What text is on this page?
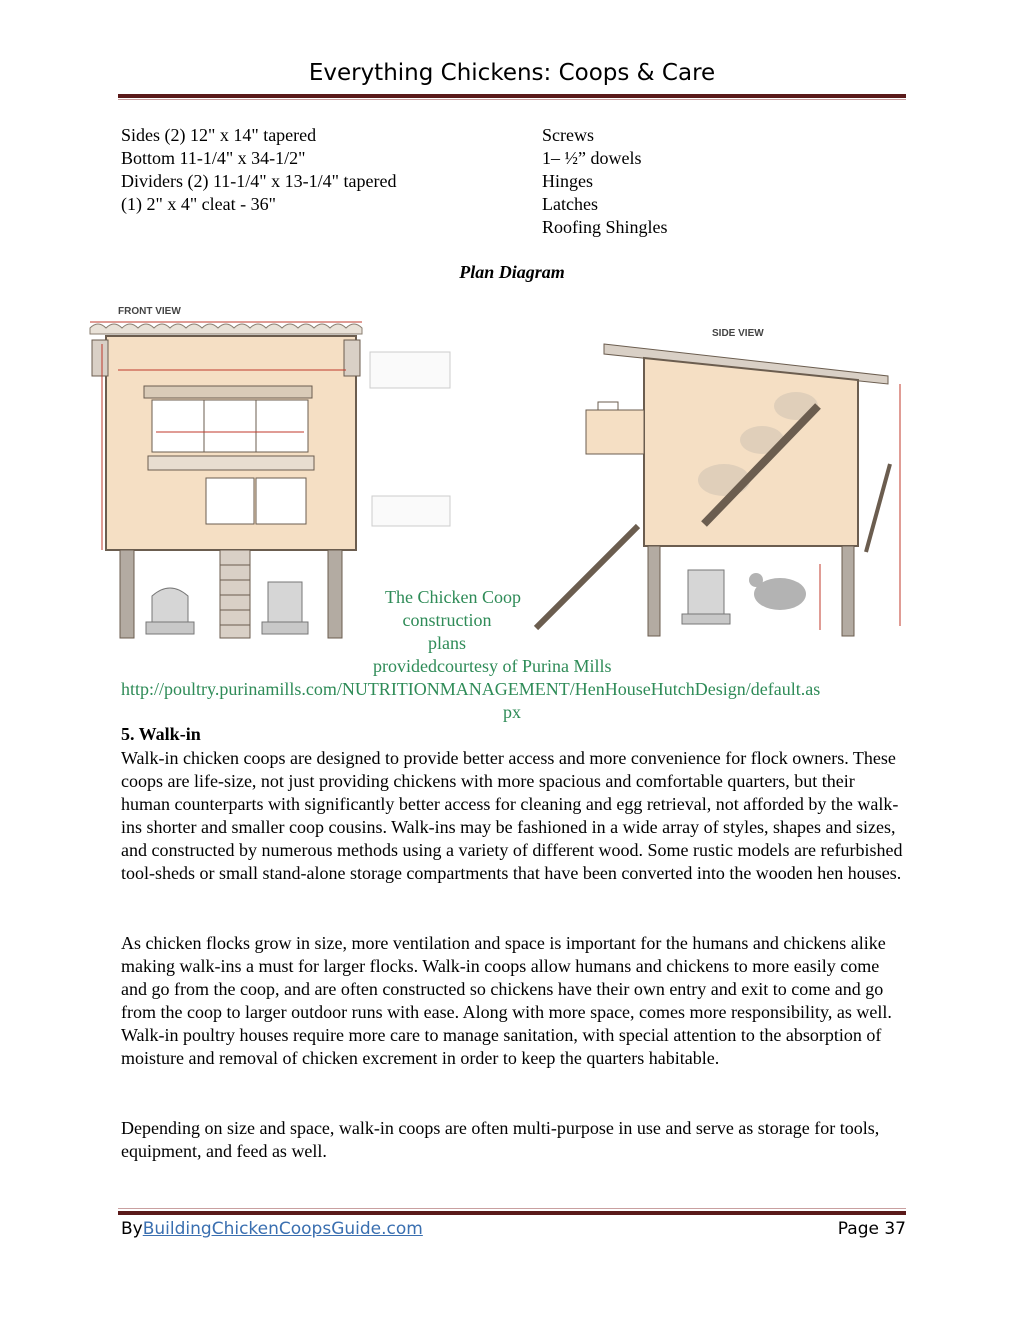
Everything Chickens: Coops & Care
Sides (2) 12" x 14" tapered
Bottom 11-1/4" x 34-1/2"
Dividers (2) 11-1/4" x 13-1/4" tapered
(1) 2" x 4" cleat - 36"
Screws
1– ½” dowels
Hinges
Latches
Roofing Shingles
Plan Diagram
FRONT VIEW
SIDE VIEW
The Chicken Coop
construction
plans
providedcourtesy of Purina Mills
http://poultry.purinamills.com/NUTRITIONMANAGEMENT/HenHouseHutchDesign/default.as
px
5. Walk-in

Walk-in chicken coops are designed to provide better access and more convenience for flock owners. These coops are life-size, not just providing chickens with more spacious and comfortable quarters, but their human counterparts with significantly better access for cleaning and egg retrieval, not afforded by the walk-ins shorter and smaller coop cousins. Walk-ins may be fashioned in a wide array of styles, shapes and sizes, and constructed by numerous methods using a variety of different wood. Some rustic models are refurbished tool-sheds or small stand-alone storage compartments that have been converted into the wooden hen houses.

As chicken flocks grow in size, more ventilation and space is important for the humans and chickens alike making walk-ins a must for larger flocks. Walk-in coops allow humans and chickens to more easily come and go from the coop, and are often constructed so chickens have their own entry and exit to come and go from the coop to larger outdoor runs with ease. Along with more space, comes more responsibility, as well. Walk-in poultry houses require more care to manage sanitation, with special attention to the absorption of moisture and removal of chicken excrement in order to keep the quarters habitable.

Depending on size and space, walk-in coops are often multi-purpose in use and serve as storage for tools, equipment, and feed as well.

ByBuildingChickenCoopsGuide.com	Page 37
